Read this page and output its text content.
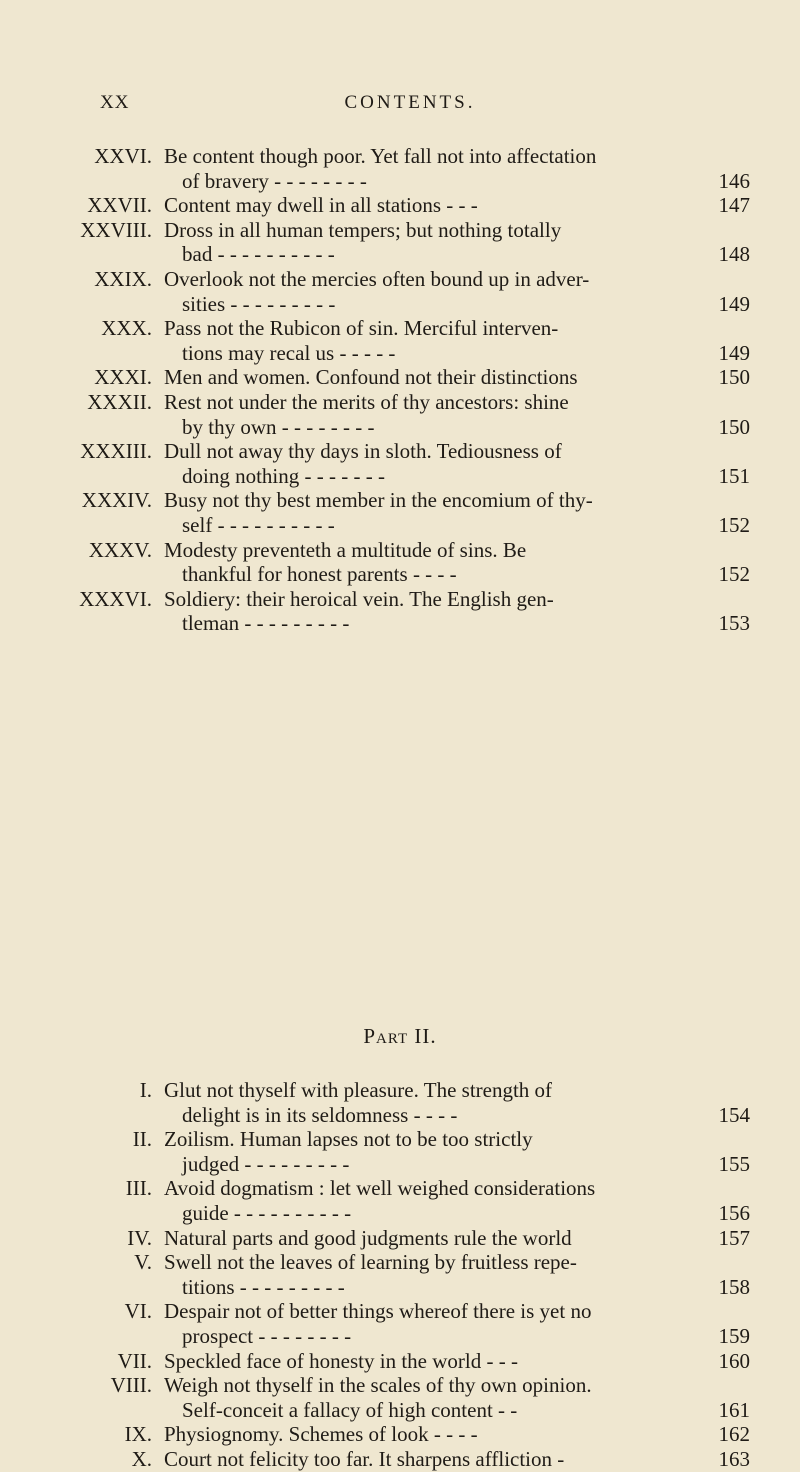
XX	CONTENTS.
XXVI. Be content though poor. Yet fall not into affectation
of bravery - - - - - - - -	146
XXVII. Content may dwell in all stations - - -	147
XXVIII. Dross in all human tempers; but nothing totally
bad - - - - - - - - - -	148
XXIX. Overlook not the mercies often bound up in adver-
sities - - - - - - - - -	149
XXX. Pass not the Rubicon of sin. Merciful interven-
tions may recal us - - - - -	149
XXXI. Men and women. Confound not their distinctions	150
XXXII. Rest not under the merits of thy ancestors: shine
by thy own - - - - - - - -	150
XXXIII. Dull not away thy days in sloth. Tediousness of
doing nothing - - - - - - -	151
XXXIV. Busy not thy best member in the encomium of thy-
self - - - - - - - - - -	152
XXXV. Modesty preventeth a multitude of sins. Be
thankful for honest parents - - - -	152
XXXVI. Soldiery: their heroical vein. The English gen-
tleman - - - - - - - - -	153
Part II.
I. Glut not thyself with pleasure. The strength of
delight is in its seldomness - - - -	154
II. Zoilism. Human lapses not to be too strictly
judged - - - - - - - - -	155
III. Avoid dogmatism : let well weighed considerations
guide - - - - - - - - - -	156
IV. Natural parts and good judgments rule the world	157
V. Swell not the leaves of learning by fruitless repe-
titions - - - - - - - - -	158
VI. Despair not of better things whereof there is yet no
prospect - - - - - - - -	159
VII. Speckled face of honesty in the world - - -	160
VIII. Weigh not thyself in the scales of thy own opinion.
Self-conceit a fallacy of high content - -	161
IX. Physiognomy. Schemes of look - - - -	162
X. Court not felicity too far. It sharpens affliction -	163
